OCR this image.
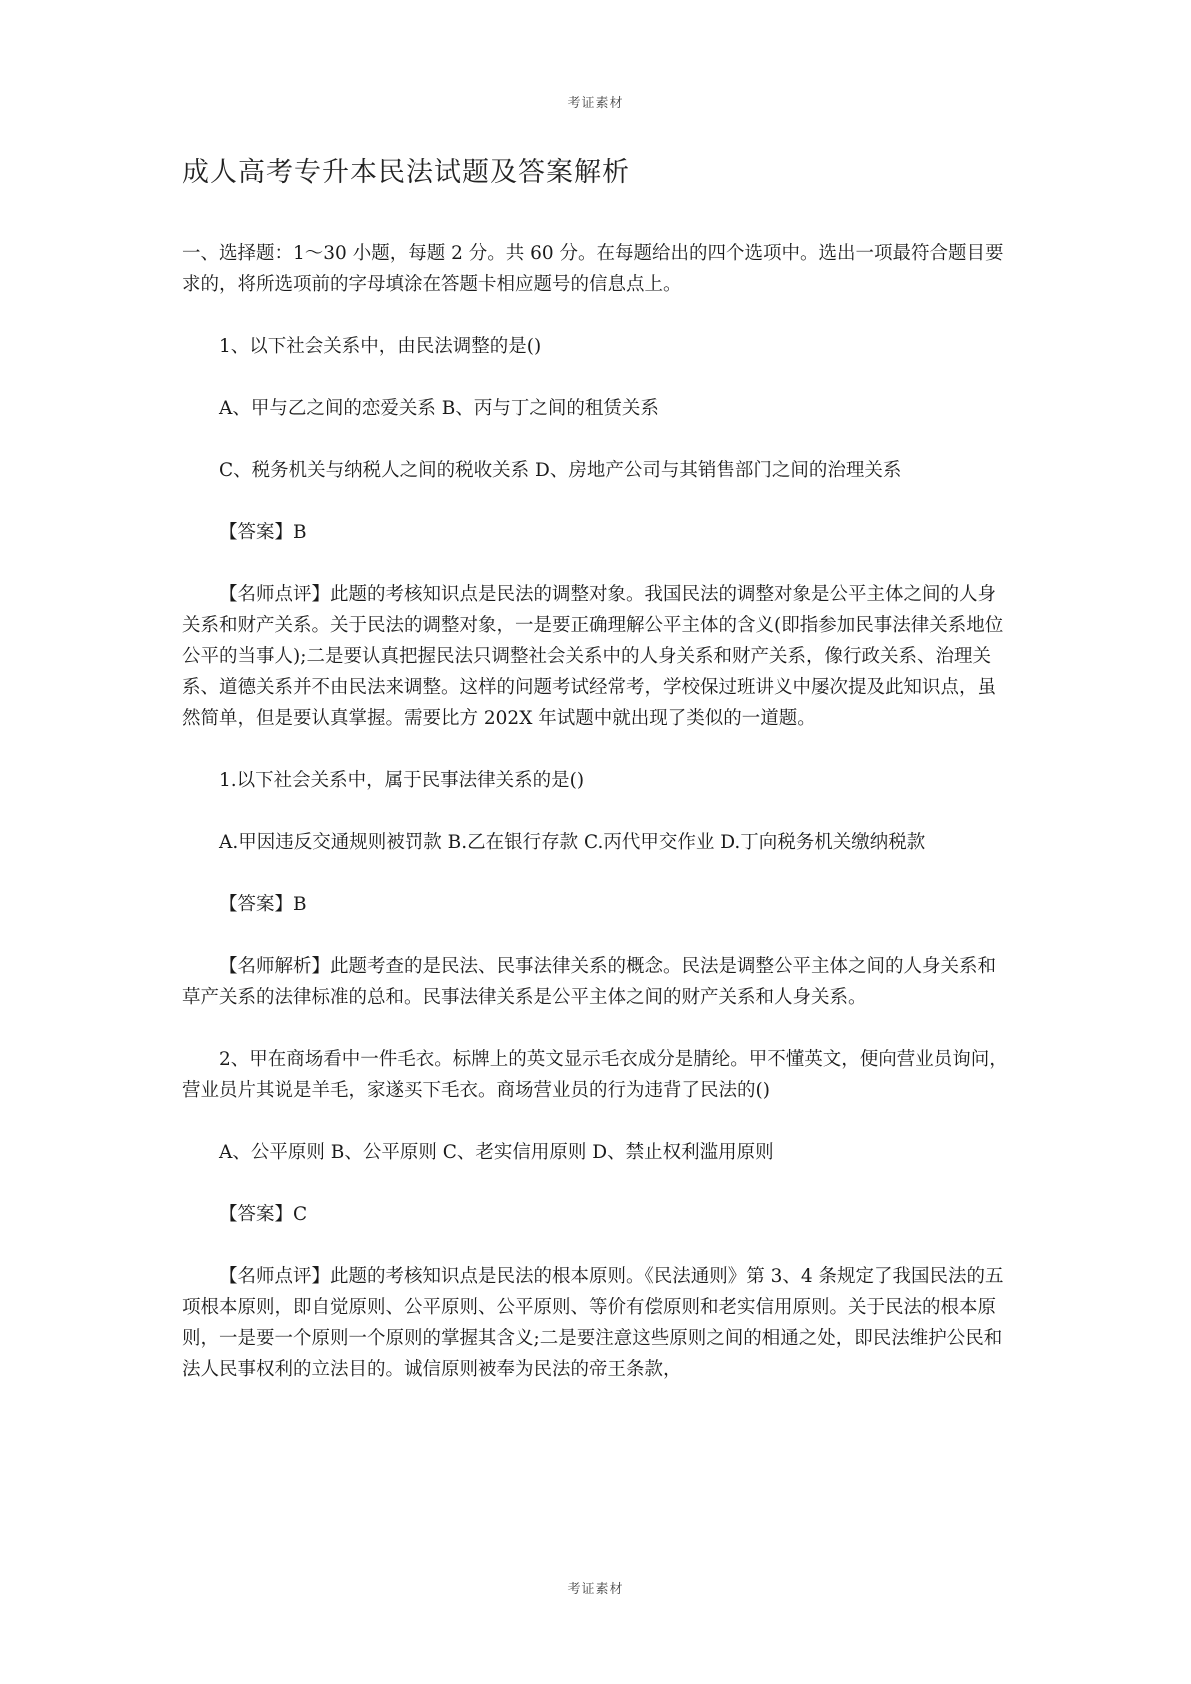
考证素材
成人高考专升本民法试题及答案解析

一、选择题：1～30 小题，每题 2 分。共 60 分。在每题给出的四个选项中。选出一项最符合题目要求的，将所选项前的字母填涂在答题卡相应题号的信息点上。

1、以下社会关系中，由民法调整的是()

A、甲与乙之间的恋爱关系 B、丙与丁之间的租赁关系

C、税务机关与纳税人之间的税收关系 D、房地产公司与其销售部门之间的治理关系

【答案】B

【名师点评】此题的考核知识点是民法的调整对象。我国民法的调整对象是公平主体之间的人身关系和财产关系。关于民法的调整对象，一是要正确理解公平主体的含义(即指参加民事法律关系地位公平的当事人);二是要认真把握民法只调整社会关系中的人身关系和财产关系，像行政关系、治理关系、道德关系并不由民法来调整。这样的问题考试经常考，学校保过班讲义中屡次提及此知识点，虽然简单，但是要认真掌握。需要比方 202X 年试题中就出现了类似的一道题。

1.以下社会关系中，属于民事法律关系的是()

A.甲因违反交通规则被罚款 B.乙在银行存款 C.丙代甲交作业 D.丁向税务机关缴纳税款

【答案】B

【名师解析】此题考查的是民法、民事法律关系的概念。民法是调整公平主体之间的人身关系和草产关系的法律标准的总和。民事法律关系是公平主体之间的财产关系和人身关系。

2、甲在商场看中一件毛衣。标牌上的英文显示毛衣成分是腈纶。甲不懂英文，便向营业员询问，营业员片其说是羊毛，家遂买下毛衣。商场营业员的行为违背了民法的()

A、公平原则 B、公平原则 C、老实信用原则 D、禁止权利滥用原则

【答案】C

【名师点评】此题的考核知识点是民法的根本原则。《民法通则》第 3、4 条规定了我国民法的五项根本原则，即自觉原则、公平原则、公平原则、等价有偿原则和老实信用原则。关于民法的根本原则，一是要一个原则一个原则的掌握其含义;二是要注意这些原则之间的相通之处，即民法维护公民和法人民事权利的立法目的。诚信原则被奉为民法的帝王条款，

考证素材
